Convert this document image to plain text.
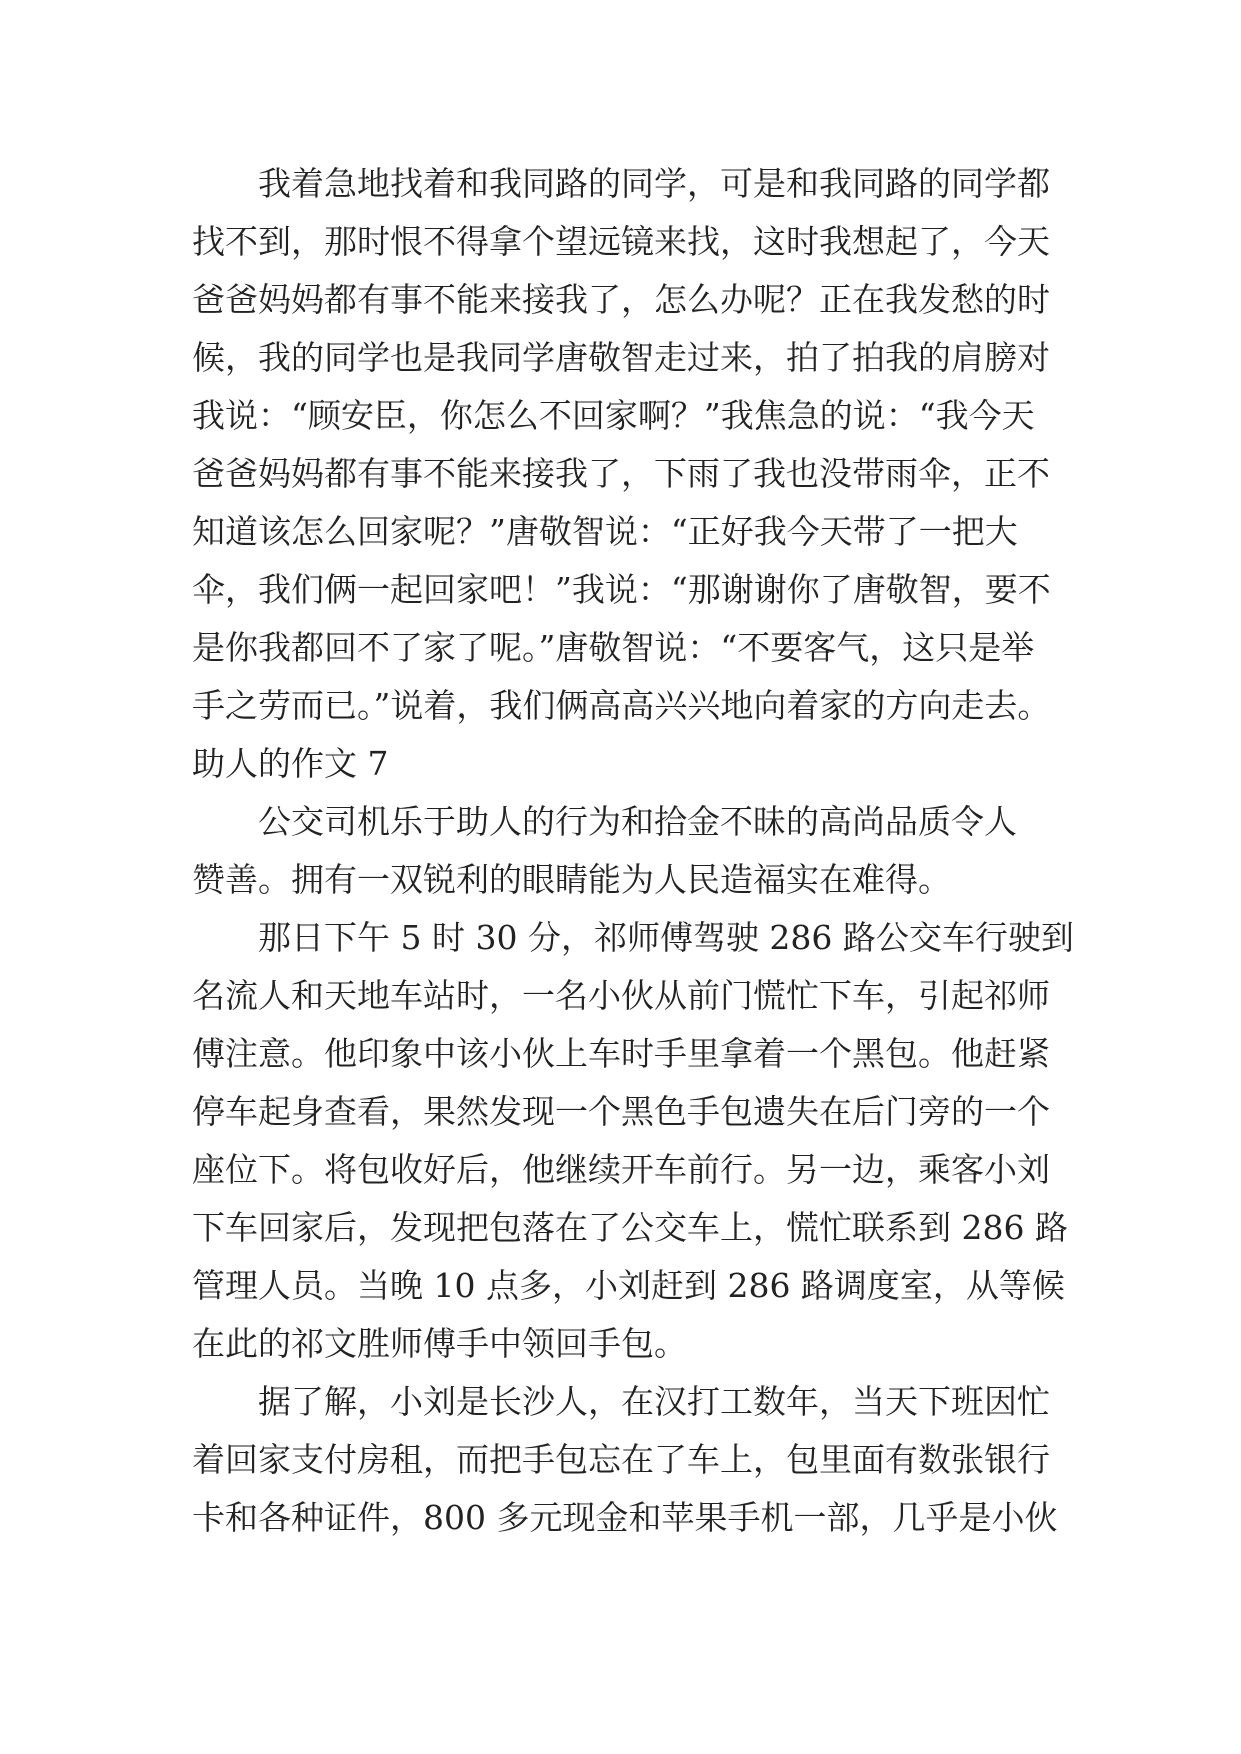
我着急地找着和我同路的同学，可是和我同路的同学都

找不到，那时恨不得拿个望远镜来找，这时我想起了，今天

爸爸妈妈都有事不能来接我了，怎么办呢？正在我发愁的时

候，我的同学也是我同学唐敬智走过来，拍了拍我的肩膀对

我说：“顾安臣，你怎么不回家啊？”我焦急的说：“我今天

爸爸妈妈都有事不能来接我了，下雨了我也没带雨伞，正不

知道该怎么回家呢？”唐敬智说：“正好我今天带了一把大

伞，我们俩一起回家吧！”我说：“那谢谢你了唐敬智，要不

是你我都回不了家了呢。”唐敬智说：“不要客气，这只是举

手之劳而已。”说着，我们俩高高兴兴地向着家的方向走去。

助人的作文 7

公交司机乐于助人的行为和拾金不昧的高尚品质令人

赞善。拥有一双锐利的眼睛能为人民造福实在难得。

那日下午 5 时 30 分，祁师傅驾驶 286 路公交车行驶到

名流人和天地车站时，一名小伙从前门慌忙下车，引起祁师

傅注意。他印象中该小伙上车时手里拿着一个黑包。他赶紧

停车起身查看，果然发现一个黑色手包遗失在后门旁的一个

座位下。将包收好后，他继续开车前行。另一边，乘客小刘

下车回家后，发现把包落在了公交车上，慌忙联系到 286 路

管理人员。当晚 10 点多，小刘赶到 286 路调度室，从等候

在此的祁文胜师傅手中领回手包。

据了解，小刘是长沙人，在汉打工数年，当天下班因忙

着回家支付房租，而把手包忘在了车上，包里面有数张银行

卡和各种证件，800 多元现金和苹果手机一部，几乎是小伙
